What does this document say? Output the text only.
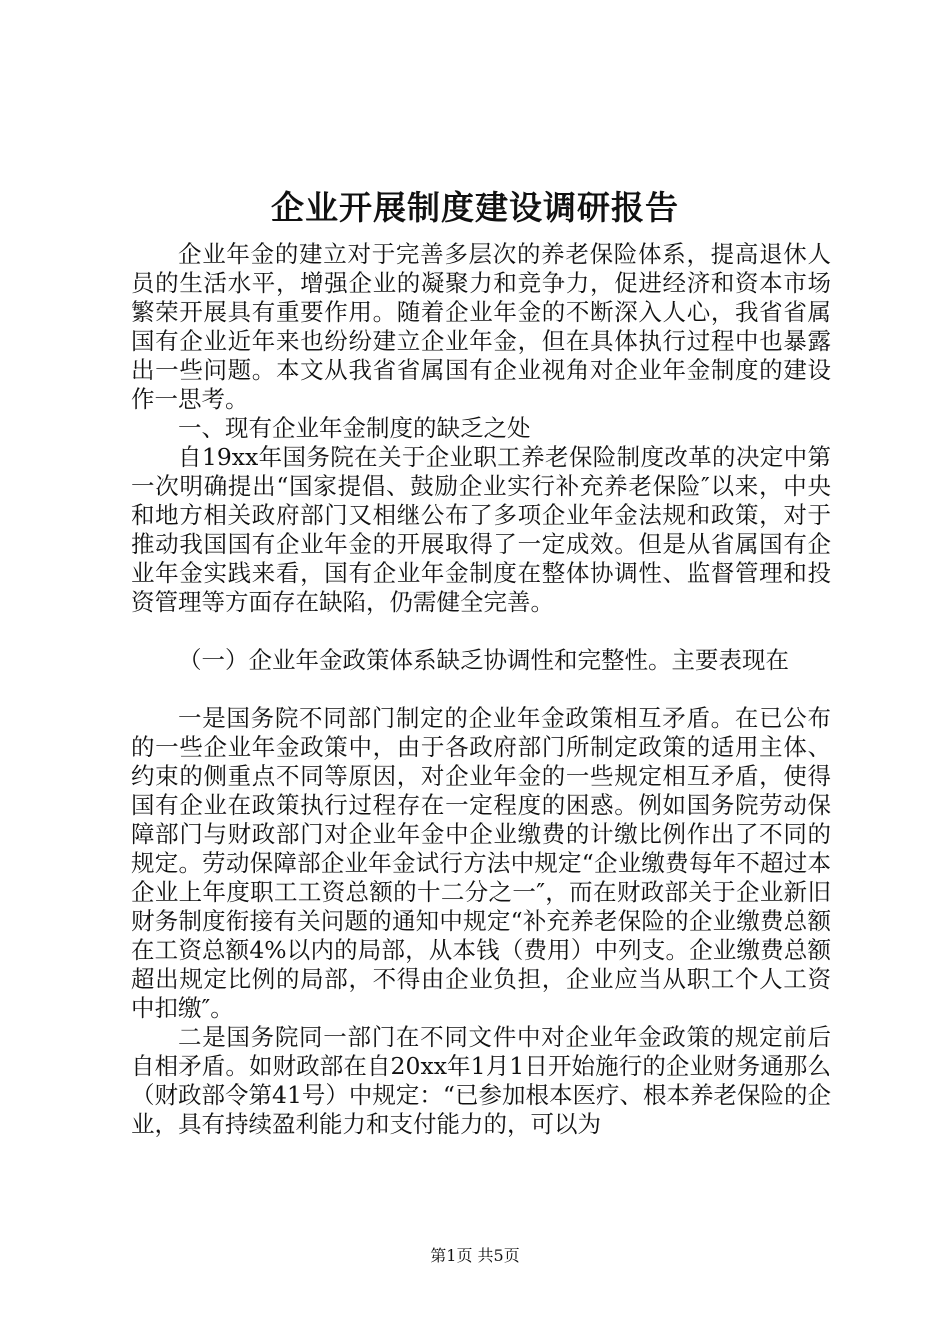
企业开展制度建设调研报告

企业年金的建立对于完善多层次的养老保险体系，提高退休人员的生活水平，增强企业的凝聚力和竞争力，促进经济和资本市场繁荣开展具有重要作用。随着企业年金的不断深入人心，我省省属国有企业近年来也纷纷建立企业年金，但在具体执行过程中也暴露出一些问题。本文从我省省属国有企业视角对企业年金制度的建设作一思考。

一、现有企业年金制度的缺乏之处

自19xx年国务院在关于企业职工养老保险制度改革的决定中第一次明确提出“国家提倡、鼓励企业实行补充养老保险″以来，中央和地方相关政府部门又相继公布了多项企业年金法规和政策，对于推动我国国有企业年金的开展取得了一定成效。但是从省属国有企业年金实践来看，国有企业年金制度在整体协调性、监督管理和投资管理等方面存在缺陷，仍需健全完善。

（一）企业年金政策体系缺乏协调性和完整性。主要表现在

一是国务院不同部门制定的企业年金政策相互矛盾。在已公布的一些企业年金政策中，由于各政府部门所制定政策的适用主体、约束的侧重点不同等原因，对企业年金的一些规定相互矛盾，使得国有企业在政策执行过程存在一定程度的困惑。例如国务院劳动保障部门与财政部门对企业年金中企业缴费的计缴比例作出了不同的规定。劳动保障部企业年金试行方法中规定“企业缴费每年不超过本企业上年度职工工资总额的十二分之一″，而在财政部关于企业新旧财务制度衔接有关问题的通知中规定“补充养老保险的企业缴费总额在工资总额4%以内的局部，从本钱（费用）中列支。企业缴费总额超出规定比例的局部，不得由企业负担，企业应当从职工个人工资中扣缴″。

二是国务院同一部门在不同文件中对企业年金政策的规定前后自相矛盾。如财政部在自20xx年1月1日开始施行的企业财务通那么（财政部令第41号）中规定：“已参加根本医疗、根本养老保险的企业，具有持续盈利能力和支付能力的，可以为

第1页 共5页
